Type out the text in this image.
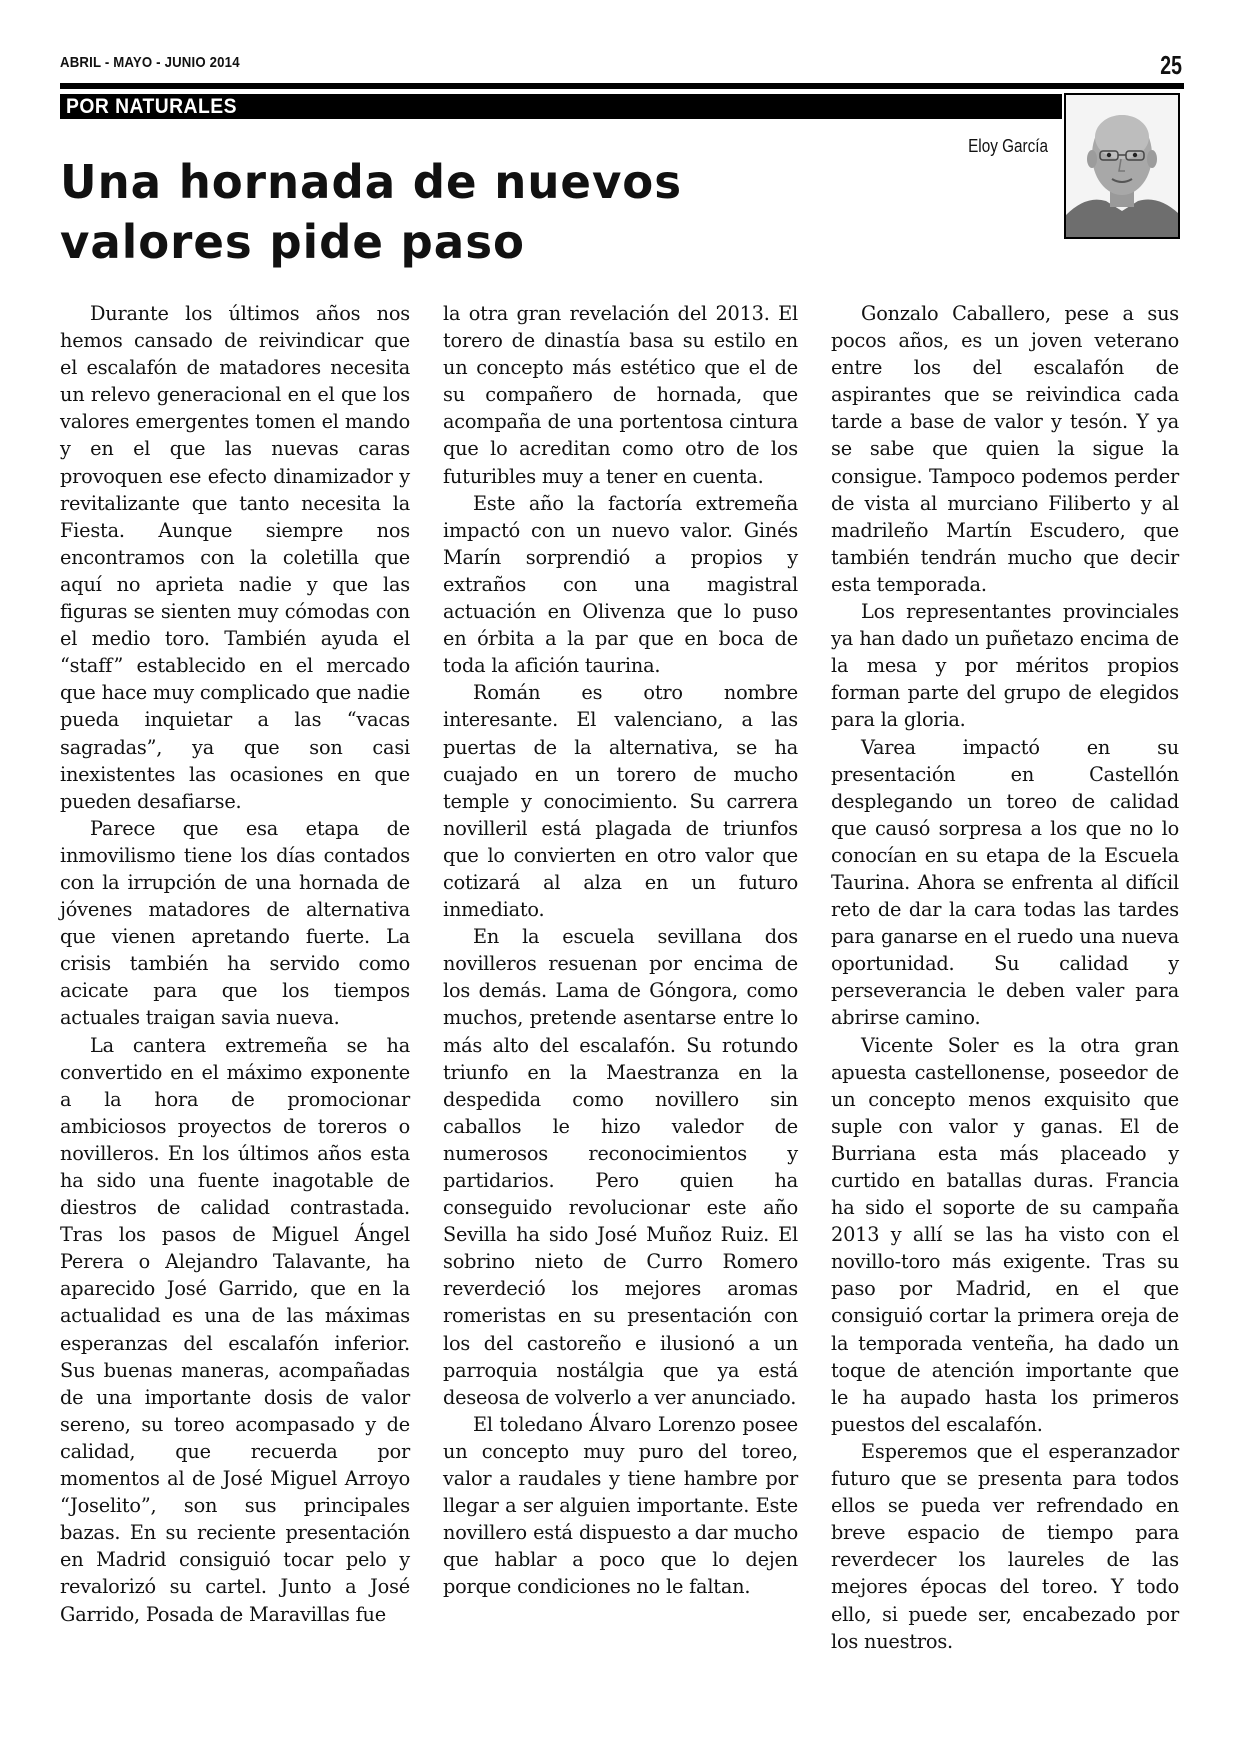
ABRIL - MAYO - JUNIO 2014	25
POR NATURALES
Eloy García
Una hornada de nuevos
valores pide paso

Durante los últimos años nos hemos cansado de reivindicar que el escalafón de matadores necesita un relevo generacional en el que los valores emergentes tomen el mando y en el que las nuevas caras provoquen ese efecto dinamizador y revitalizante que tanto necesita la Fiesta. Aunque siempre nos encontramos con la coletilla que aquí no aprieta nadie y que las figuras se sienten muy cómodas con el medio toro. También ayuda el “staff” establecido en el mercado que hace muy complicado que nadie pueda inquietar a las “vacas sagradas”, ya que son casi inexistentes las ocasiones en que pueden desafiarse.

Parece que esa etapa de inmovilismo tiene los días contados con la irrupción de una hornada de jóvenes matadores de alternativa que vienen apretando fuerte. La crisis también ha servido como acicate para que los tiempos actuales traigan savia nueva.

La cantera extremeña se ha convertido en el máximo exponente a la hora de promocionar ambiciosos proyectos de toreros o novilleros. En los últimos años esta ha sido una fuente inagotable de diestros de calidad contrastada. Tras los pasos de Miguel Ángel Perera o Alejandro Talavante, ha aparecido José Garrido, que en la actualidad es una de las máximas esperanzas del escalafón inferior. Sus buenas maneras, acompañadas de una importante dosis de valor sereno, su toreo acompasado y de calidad, que recuerda por momentos al de José Miguel Arroyo “Joselito”, son sus principales bazas. En su reciente presentación en Madrid consiguió tocar pelo y revalorizó su cartel. Junto a José Garrido, Posada de Maravillas fue

la otra gran revelación del 2013. El torero de dinastía basa su estilo en un concepto más estético que el de su compañero de hornada, que acompaña de una portentosa cintura que lo acreditan como otro de los futuribles muy a tener en cuenta.

Este año la factoría extremeña impactó con un nuevo valor. Ginés Marín sorprendió a propios y extraños con una magistral actuación en Olivenza que lo puso en órbita a la par que en boca de toda la afición taurina.

Román es otro nombre interesante. El valenciano, a las puertas de la alternativa, se ha cuajado en un torero de mucho temple y conocimiento. Su carrera novilleril está plagada de triunfos que lo convierten en otro valor que cotizará al alza en un futuro inmediato.

En la escuela sevillana dos novilleros resuenan por encima de los demás. Lama de Góngora, como muchos, pretende asentarse entre lo más alto del escalafón. Su rotundo triunfo en la Maestranza en la despedida como novillero sin caballos le hizo valedor de numerosos reconocimientos y partidarios. Pero quien ha conseguido revolucionar este año Sevilla ha sido José Muñoz Ruiz. El sobrino nieto de Curro Romero reverdeció los mejores aromas romeristas en su presentación con los del castoreño e ilusionó a un parroquia nostálgia que ya está deseosa de volverlo a ver anunciado.

El toledano Álvaro Lorenzo posee un concepto muy puro del toreo, valor a raudales y tiene hambre por llegar a ser alguien importante. Este novillero está dispuesto a dar mucho que hablar a poco que lo dejen porque condiciones no le faltan.

Gonzalo Caballero, pese a sus pocos años, es un joven veterano entre los del escalafón de aspirantes que se reivindica cada tarde a base de valor y tesón. Y ya se sabe que quien la sigue la consigue. Tampoco podemos perder de vista al murciano Filiberto y al madrileño Martín Escudero, que también tendrán mucho que decir esta temporada.

Los representantes provinciales ya han dado un puñetazo encima de la mesa y por méritos propios forman parte del grupo de elegidos para la gloria.

Varea impactó en su presentación en Castellón desplegando un toreo de calidad que causó sorpresa a los que no lo conocían en su etapa de la Escuela Taurina. Ahora se enfrenta al difícil reto de dar la cara todas las tardes para ganarse en el ruedo una nueva oportunidad. Su calidad y perseverancia le deben valer para abrirse camino.

Vicente Soler es la otra gran apuesta castellonense, poseedor de un concepto menos exquisito que suple con valor y ganas. El de Burriana esta más placeado y curtido en batallas duras. Francia ha sido el soporte de su campaña 2013 y allí se las ha visto con el novillo-toro más exigente. Tras su paso por Madrid, en el que consiguió cortar la primera oreja de la temporada venteña, ha dado un toque de atención importante que le ha aupado hasta los primeros puestos del escalafón.

Esperemos que el esperanzador futuro que se presenta para todos ellos se pueda ver refrendado en breve espacio de tiempo para reverdecer los laureles de las mejores épocas del toreo. Y todo ello, si puede ser, encabezado por los nuestros.
